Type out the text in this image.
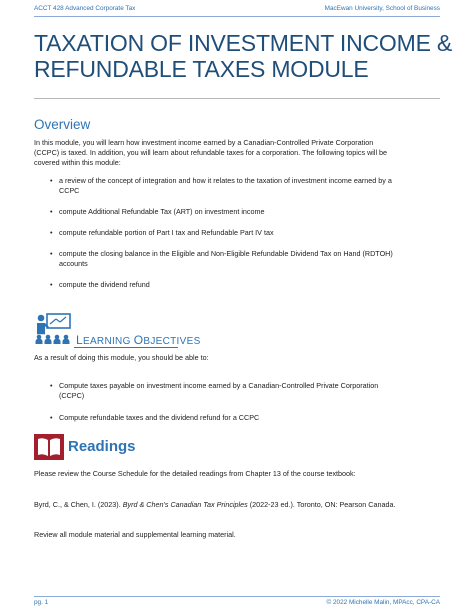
ACCT 428 Advanced Corporate Tax	MacEwan University, School of Business
TAXATION OF INVESTMENT INCOME &
REFUNDABLE TAXES MODULE
Overview

In this module, you will learn how investment income earned by a Canadian-Controlled Private Corporation

(CCPC) is taxed. In addition, you will learn about refundable taxes for a corporation. The following topics will be

covered within this module:

• a review of the concept of integration and how it relates to the taxation of investment income earned by a
CCPC
• compute Additional Refundable Tax (ART) on investment income
• compute refundable portion of Part I tax and Refundable Part IV tax
• compute the closing balance in the Eligible and Non-Eligible Refundable Dividend Tax on Hand (RDTOH)
accounts
• compute the dividend refund
LEARNING OBJECTIVES

As a result of doing this module, you should be able to:

• Compute taxes payable on investment income earned by a Canadian-Controlled Private Corporation
(CCPC)
• Compute refundable taxes and the dividend refund for a CCPC
Readings

Please review the Course Schedule for the detailed readings from Chapter 13 of the course textbook:

Byrd, C., & Chen, I. (2023). Byrd & Chen’s Canadian Tax Principles (2022-23 ed.). Toronto, ON: Pearson Canada.

Review all module material and supplemental learning material.

pg. 1	© 2022 Michelle Malin, MPAcc, CPA-CA
